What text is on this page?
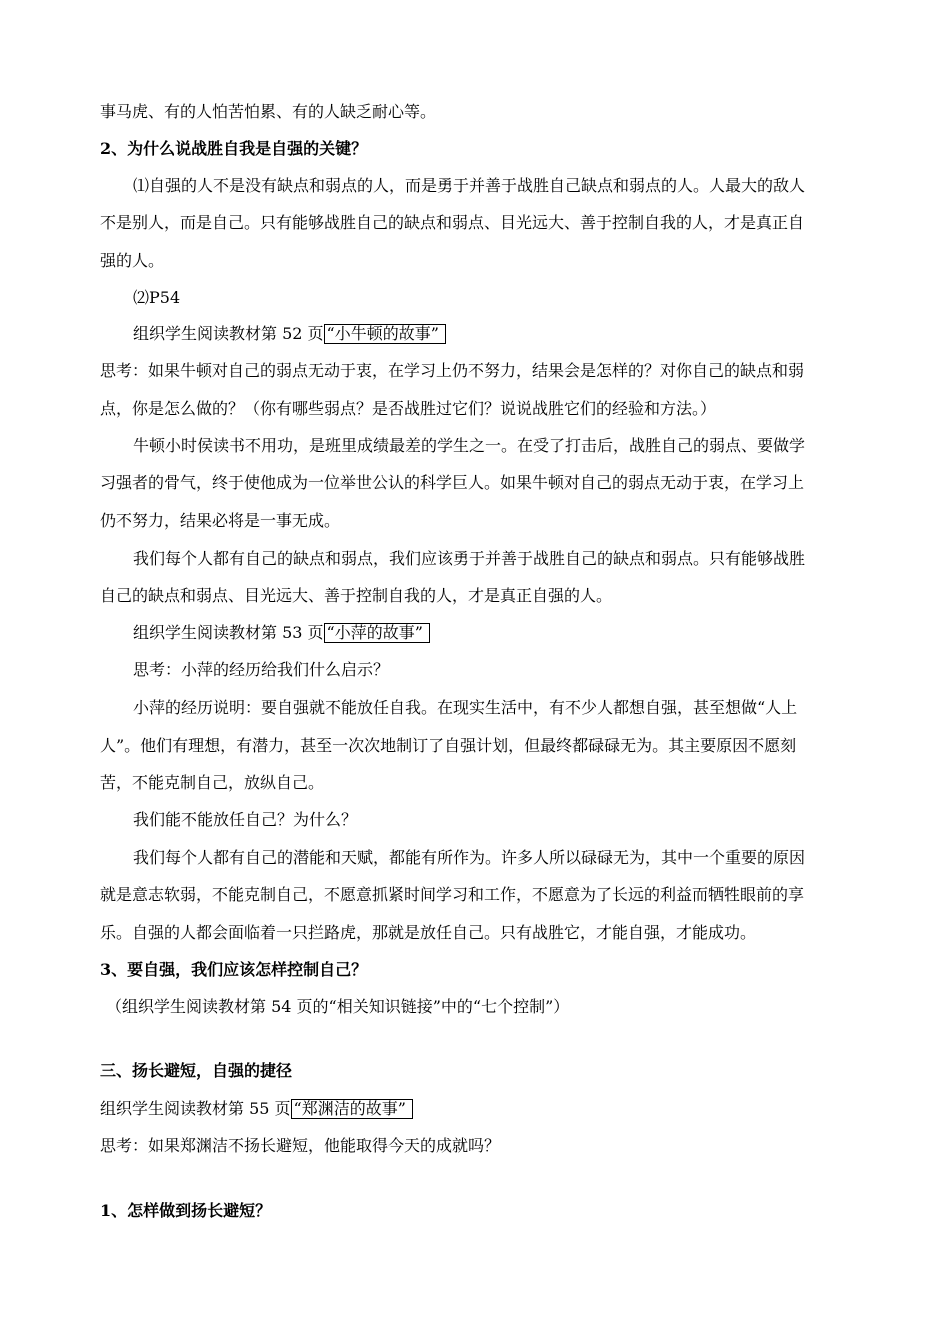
事马虎、有的人怕苦怕累、有的人缺乏耐心等。
2、为什么说战胜自我是自强的关键？
⑴自强的人不是没有缺点和弱点的人，而是勇于并善于战胜自己缺点和弱点的人。人最大的敌人
不是别人，而是自己。只有能够战胜自己的缺点和弱点、目光远大、善于控制自我的人，才是真正自
强的人。
⑵P54
组织学生阅读教材第 52 页 “小牛顿的故事”
思考：如果牛顿对自己的弱点无动于衷，在学习上仍不努力，结果会是怎样的？对你自己的缺点和弱
点，你是怎么做的？（你有哪些弱点？是否战胜过它们？说说战胜它们的经验和方法。）
牛顿小时侯读书不用功，是班里成绩最差的学生之一。在受了打击后，战胜自己的弱点、要做学
习强者的骨气，终于使他成为一位举世公认的科学巨人。如果牛顿对自己的弱点无动于衷，在学习上
仍不努力，结果必将是一事无成。
我们每个人都有自己的缺点和弱点，我们应该勇于并善于战胜自己的缺点和弱点。只有能够战胜
自己的缺点和弱点、目光远大、善于控制自我的人，才是真正自强的人。
组织学生阅读教材第 53 页 “小萍的故事”
思考：小萍的经历给我们什么启示？
小萍的经历说明：要自强就不能放任自我。在现实生活中，有不少人都想自强，甚至想做“人上
人”。他们有理想，有潜力，甚至一次次地制订了自强计划，但最终都碌碌无为。其主要原因不愿刻
苦，不能克制自己，放纵自己。
我们能不能放任自己？为什么？
我们每个人都有自己的潜能和天赋，都能有所作为。许多人所以碌碌无为，其中一个重要的原因
就是意志软弱，不能克制自己，不愿意抓紧时间学习和工作，不愿意为了长远的利益而牺牲眼前的享
乐。自强的人都会面临着一只拦路虎，那就是放任自己。只有战胜它，才能自强，才能成功。
3、要自强，我们应该怎样控制自己？
（组织学生阅读教材第 54 页的“相关知识链接”中的“七个控制”）
三、扬长避短，自强的捷径
组织学生阅读教材第 55 页 “郑渊洁的故事”
思考：如果郑渊洁不扬长避短，他能取得今天的成就吗？
1、怎样做到扬长避短？
